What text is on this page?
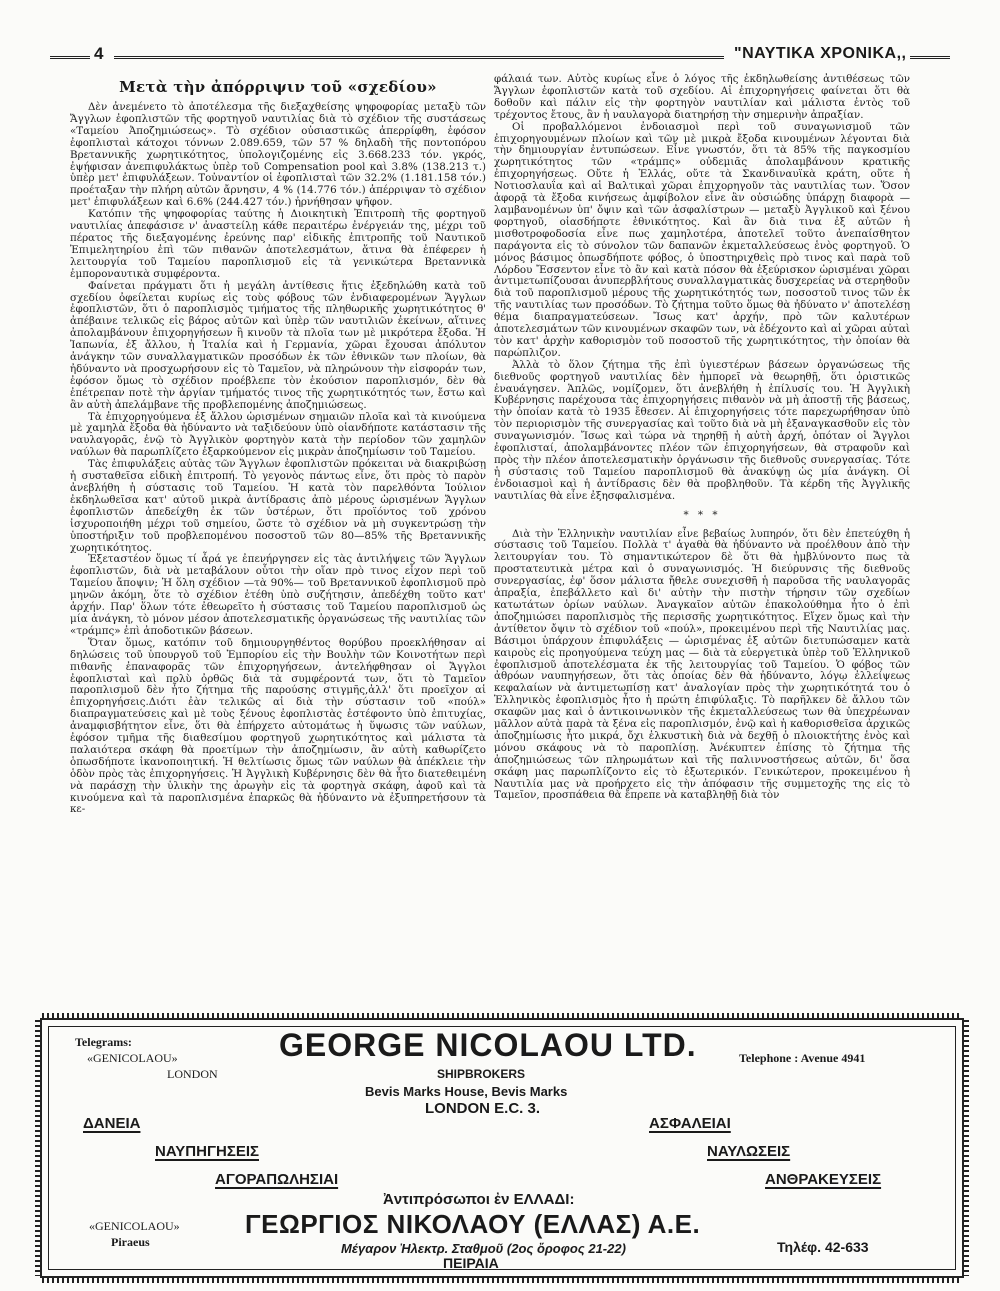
4	"ΝΑΥΤΙΚΑ ΧΡΟΝΙΚΑ,,
Μετὰ τὴν ἀπόρριψιν τοῦ «σχεδίου»

Δὲν ἀνεμένετο τὸ ἀποτέλεσμα τῆς διεξαχθείσης ψηφοφορίας μεταξὺ τῶν Ἄγγλων ἐφοπλιστῶν τῆς φορτηγοῦ ναυτιλίας διὰ τὸ σχέδιον τῆς συστάσεως «Ταμείου Ἀποζημιώσεως». Τὸ σχέδιον οὐσιαστικῶς ἀπερρίφθη, ἐφόσον ἐφοπλισταὶ κάτοχοι τόννων 2.089.659, τῶν 57 % δηλαδὴ τῆς ποντοπόρου Βρεταννικῆς χωρητικότητος, ὑπολογιζομένης εἰς 3.668.233 τόν. γκρός, ἐψήφισαν ἀνεπιφυλάκτως ὑπὲρ τοῦ Compensation pool καὶ 3.8% (138.213 τ.) ὑπὲρ μετ' ἐπιφυλάξεων. Τοὐναντίον οἱ ἐφοπλισταὶ τῶν 32.2% (1.181.158 τόν.) προέταξαν τὴν πλήρη αὐτῶν ἄρνησιν, 4 % (14.776 τόν.) ἀπέρριψαν τὸ σχέδιον μετ' ἐπιφυλάξεων καὶ 6.6% (244.427 τόν.) ἠρνήθησαν ψῆφον.

Κατόπιν τῆς ψηφοφορίας ταύτης ἡ Διοικητικὴ Ἐπιτροπὴ τῆς φορτηγοῦ ναυτιλίας ἀπεφάσισε ν' ἀναστείλῃ κάθε περαιτέρω ἐνέργειάν της, μέχρι τοῦ πέρατος τῆς διεξαγομένης ἐρεύνης παρ' εἰδικῆς ἐπιτροπῆς τοῦ Ναυτικοῦ Ἐπιμελητηρίου ἐπὶ τῶν πιθανῶν ἀποτελεσμάτων, ἅτινα θὰ ἐπέφερεν ἡ λειτουργία τοῦ Ταμείου παροπλισμοῦ εἰς τὰ γενικώτερα Βρεταννικὰ ἐμποροναυτικὰ συμφέροντα.

Φαίνεται πράγματι ὅτι ἡ μεγάλη ἀντίθεσις ἥτις ἐξεδηλώθη κατὰ τοῦ σχεδίου ὀφείλεται κυρίως εἰς τοὺς φόβους τῶν ἐνδιαφερομένων Ἄγγλων ἐφοπλιστῶν, ὅτι ὁ παροπλισμὸς τμήματος τῆς πληθωρικῆς χωρητικότητος θ' ἀπέβαινε τελικῶς εἰς βάρος αὐτῶν καὶ ὑπὲρ τῶν ναυτιλιῶν ἐκείνων, αἵτινες ἀπολαμβάνουν ἐπιχορηγήσεων ἢ κινοῦν τὰ πλοῖα των μὲ μικρότερα ἔξοδα. Ἡ Ἰαπωνία, ἐξ ἄλλου, ἡ Ἰταλία καὶ ἡ Γερμανία, χῶραι ἔχουσαι ἀπόλυτον ἀνάγκην τῶν συναλλαγματικῶν προσόδων ἐκ τῶν ἐθνικῶν των πλοίων, θὰ ἠδύναντο νὰ προσχωρήσουν εἰς τὸ Ταμεῖον, νὰ πληρώνουν τὴν εἰσφοράν των, ἐφόσον ὅμως τὸ σχέδιον προέβλεπε τὸν ἑκούσιον παροπλισμόν, δὲν θὰ ἐπέτρεπαν ποτὲ τὴν ἀργίαν τμήματός τινος τῆς χωρητικότητός των, ἔστω καὶ ἂν αὐτὴ ἀπελάμβανε τῆς προβλεπομένης ἀποζημιώσεως.

Τὰ ἐπιχορηγούμενα ἐξ ἄλλου ὡρισμένων σημαιῶν πλοῖα καὶ τὰ κινούμενα μὲ χαμηλὰ ἔξοδα θὰ ἠδύναντο νὰ ταξιδεύουν ὑπὸ οἱανδήποτε κατάστασιν τῆς ναυλαγορᾶς, ἐνῷ τὸ Ἀγγλικὸν φορτηγὸν κατὰ τὴν περίοδον τῶν χαμηλῶν ναύλων θὰ παρωπλίζετο ἐξαρκούμενον εἰς μικρὰν ἀποζημίωσιν τοῦ Ταμείου.

Τὰς ἐπιφυλάξεις αὐτὰς τῶν Ἄγγλων ἐφοπλιστῶν πρόκειται νὰ διακριβώσῃ ἡ συσταθεῖσα εἰδικὴ ἐπιτροπή. Τὸ γεγονὸς πάντως εἶνε, ὅτι πρὸς τὸ παρὸν ἀνεβλήθη ἡ σύστασις τοῦ Ταμείου. Ἡ κατὰ τὸν παρελθόντα Ἰούλιον ἐκδηλωθεῖσα κατ' αὐτοῦ μικρὰ ἀντίδρασις ἀπὸ μέρους ὡρισμένων Ἄγγλων ἐφοπλιστῶν ἀπεδείχθη ἐκ τῶν ὑστέρων, ὅτι προϊόντος τοῦ χρόνου ἰσχυροποιήθη μέχρι τοῦ σημείου, ὥστε τὸ σχέδιον νὰ μὴ συγκεντρώσῃ τὴν ὑποστήριξιν τοῦ προβλεπομένου ποσοστοῦ τῶν 80—85% τῆς Βρεταννικῆς χωρητικότητος.

Ἐξεταστέον ὅμως τί ἆρά γε ἐπενήργησεν εἰς τὰς ἀντιλήψεις τῶν Ἄγγλων ἐφοπλιστῶν, διὰ νὰ μεταβάλουν οὗτοι τὴν οἵαν πρὸ τινος εἶχον περὶ τοῦ Ταμείου ἄποψιν; Ἡ ὅλη σχέδιον —τὰ 90%— τοῦ Βρεταννικοῦ ἐφοπλισμοῦ πρὸ μηνῶν ἀκόμη, ὅτε τὸ σχέδιον ἐτέθη ὑπὸ συζήτησιν, ἀπεδέχθη τοῦτο κατ' ἀρχήν. Παρ' ὅλων τότε ἐθεωρεῖτο ἡ σύστασις τοῦ Ταμείου παροπλισμοῦ ὡς μία ἀνάγκη, τὸ μόνον μέσον ἀποτελεσματικῆς ὀργανώσεως τῆς ναυτιλίας τῶν «τράμπς» ἐπὶ ἀποδοτικῶν βάσεων.

Ὅταν ὅμως, κατόπιν τοῦ δημιουργηθέντος θορύβου προεκλήθησαν αἱ δηλώσεις τοῦ ὑπουργοῦ τοῦ Ἐμπορίου εἰς τὴν Βουλὴν τῶν Κοινοτήτων περὶ πιθανῆς ἐπαναφορᾶς τῶν ἐπιχορηγήσεων, ἀντελήφθησαν οἱ Ἄγγλοι ἐφοπλισταὶ καὶ πολὺ ὀρθῶς διὰ τὰ συμφέροντά των, ὅτι τὸ Ταμεῖον παροπλισμοῦ δὲν ἦτο ζήτημα τῆς παρούσης στιγμῆς,ἀλλ' ὅτι προεῖχον αἱ ἐπιχορηγήσεις.Διότι ἐὰν τελικῶς αἱ διὰ τὴν σύστασιν τοῦ «πούλ» διαπραγματεύσεις καὶ μὲ τοὺς ξένους ἐφοπλιστὰς ἐστέφοντο ὑπὸ ἐπιτυχίας, ἀναμφισβήτητον εἶνε, ὅτι θὰ ἐπήρχετο αὐτομάτως ἡ ὕψωσις τῶν ναύλων, ἐφόσον τμῆμα τῆς διαθεσίμου φορτηγοῦ χωρητικότητος καὶ μάλιστα τὰ παλαιότερα σκάφη θὰ προετίμων τὴν ἀποζημίωσιν, ἂν αὐτὴ καθωρίζετο ὁπωσδήποτε ἱκανοποιητική. Ἡ θελτίωσις ὅμως τῶν ναύλων θὰ ἀπέκλειε τὴν ὁδὸν πρὸς τὰς ἐπιχορηγήσεις. Ἡ Ἀγγλικὴ Κυβέρνησις δὲν θὰ ἦτο διατεθειμένη νὰ παράσχῃ τὴν ὑλικὴν της ἀρωγὴν εἰς τὰ φορτηγὰ σκάφη, ἀφοῦ καὶ τὰ κινούμενα καὶ τὰ παροπλισμένα ἐπαρκῶς θὰ ἠδύναντο νὰ ἐξυπηρετήσουν τὰ κε-

φάλαιά των. Αὐτὸς κυρίως εἶνε ὁ λόγος τῆς ἐκδηλωθείσης ἀντιθέσεως τῶν Ἄγγλων ἐφοπλιστῶν κατὰ τοῦ σχεδίου. Αἱ ἐπιχορηγήσεις φαίνεται ὅτι θὰ δοθοῦν καὶ πάλιν εἰς τὴν φορτηγὸν ναυτιλίαν καὶ μάλιστα ἐντὸς τοῦ τρέχοντος ἔτους, ἂν ἡ ναυλαγορὰ διατηρήσῃ τὴν σημερινὴν ἀπραξίαν.

Οἱ προβαλλόμενοι ἐνδοιασμοὶ περὶ τοῦ συναγωνισμοῦ τῶν ἐπιχορηγουμένων πλοίων καὶ τῶν μὲ μικρὰ ἔξοδα κινουμένων λέγονται διὰ τὴν δημιουργίαν ἐντυπώσεων. Εἶνε γνωστόν, ὅτι τὰ 85% τῆς παγκοσμίου χωρητικότητος τῶν «τράμπς» οὐδεμιᾶς ἀπολαμβάνουν κρατικῆς ἐπιχορηγήσεως. Οὔτε ἡ Ἑλλάς, οὔτε τὰ Σκανδιναυϊκὰ κράτη, οὔτε ἡ Νοτιοσλαυΐα καὶ αἱ Βαλτικαὶ χῶραι ἐπιχορηγοῦν τὰς ναυτιλίας των. Ὅσον ἀφορᾷ τὰ ἔξοδα κινήσεως ἀμφίβολον εἶνε ἂν οὐσιώδης ὑπάρχῃ διαφορὰ — λαμβανομένων ὑπ' ὄψιν καὶ τῶν ἀσφαλίστρων — μεταξὺ Ἀγγλικοῦ καὶ ξένου φορτηγοῦ, οἱασδήποτε ἐθνικότητος. Καὶ ἂν διὰ τινα ἐξ αὐτῶν ἡ μισθοτροφοδοσία εἶνε πως χαμηλοτέρα, ἀποτελεῖ τοῦτο ἀνεπαίσθητον παράγοντα εἰς τὸ σύνολον τῶν δαπανῶν ἐκμεταλλεύσεως ἑνὸς φορτηγοῦ. Ὁ μόνος βάσιμος ὁπωσδήποτε φόβος, ὁ ὑποστηριχθεὶς πρὸ τινος καὶ παρὰ τοῦ Λόρδου Ἔσσεντον εἶνε τὸ ἂν καὶ κατὰ πόσον θὰ ἐξεύρισκον ὡρισμέναι χῶραι ἀντιμετωπίζουσαι ἀνυπερβλήτους συναλλαγματικὰς δυσχερείας νὰ στερηθοῦν διὰ τοῦ παροπλισμοῦ μέρους τῆς χωρητικότητός των, ποσοστοῦ τινος τῶν ἐκ τῆς ναυτιλίας των προσόδων. Τὸ ζήτημα τοῦτο ὅμως θὰ ἠδύνατο ν' ἀποτελέσῃ θέμα διαπραγματεύσεων. Ἴσως κατ' ἀρχήν, πρὸ τῶν καλυτέρων ἀποτελεσμάτων τῶν κινουμένων σκαφῶν των, νὰ ἐδέχοντο καὶ αἱ χῶραι αὐταὶ τὸν κατ' ἀρχὴν καθορισμὸν τοῦ ποσοστοῦ τῆς χωρητικότητος, τὴν ὁποίαν θὰ παρώπλιζον.

Ἀλλὰ τὸ ὅλον ζήτημα τῆς ἐπὶ ὑγιεστέρων βάσεων ὀργανώσεως τῆς διεθνοῦς φορτηγοῦ ναυτιλίας δὲν ἠμπορεῖ νὰ θεωρηθῇ, ὅτι ὁριστικῶς ἐναυάγησεν. Ἁπλῶς, νομίζομεν, ὅτι ἀνεβλήθη ἡ ἐπίλυσίς του. Ἡ Ἀγγλικὴ Κυβέρνησις παρέχουσα τὰς ἐπιχορηγήσεις πιθανὸν νὰ μὴ ἀποστῇ τῆς βάσεως, τὴν ὁποίαν κατὰ τὸ 1935 ἔθεσεν. Αἱ ἐπιχορηγήσεις τότε παρεχωρήθησαν ὑπὸ τὸν περιορισμὸν τῆς συνεργασίας καὶ τοῦτο διὰ νὰ μὴ ἐξαναγκασθοῦν εἰς τὸν συναγωνισμόν. Ἴσως καὶ τώρα νὰ τηρηθῇ ἡ αὐτὴ ἀρχή, ὁπόταν οἱ Ἄγγλοι ἐφοπλισταί, ἀπολαμβάνοντες πλέον τῶν ἐπιχορηγήσεων, θὰ στραφοῦν καὶ πρὸς τὴν πλέον ἀποτελεσματικὴν ὀργάνωσιν τῆς διεθνοῦς συνεργασίας. Τότε ἡ σύστασις τοῦ Ταμείου παροπλισμοῦ θὰ ἀνακύψῃ ὡς μία ἀνάγκη. Οἱ ἐνδοιασμοὶ καὶ ἡ ἀντίδρασις δὲν θὰ προβληθοῦν. Τὰ κέρδη τῆς Ἀγγλικῆς ναυτιλίας θὰ εἶνε ἐξησφαλισμένα.

* * *

Διὰ τὴν Ἑλληνικὴν ναυτιλίαν εἶνε βεβαίως λυπηρόν, ὅτι δὲν ἐπετεύχθη ἡ σύστασις τοῦ Ταμείου. Πολλὰ τ' ἀγαθὰ θὰ ἠδύναντο νὰ προέλθουν ἀπὸ τὴν λειτουργίαν του. Τὸ σημαντικώτερον δὲ ὅτι θὰ ἠμβλύνοντο πως τὰ προστατευτικὰ μέτρα καὶ ὁ συναγωνισμός. Ἡ διεύρυνσις τῆς διεθνοῦς συνεργασίας, ἐφ' ὅσον μάλιστα ἤθελε συνεχισθῆ ἡ παροῦσα τῆς ναυλαγορᾶς ἀπραξία, ἐπεβάλλετο καὶ δι' αὐτὴν τὴν πιστὴν τήρησιν τῶν σχεδίων κατωτάτων ὁρίων ναύλων. Ἀναγκαῖον αὐτῶν ἐπακολούθημα ἦτο ὁ ἐπὶ ἀποζημιώσει παροπλισμὸς τῆς περισσῆς χωρητικότητος. Εἴχεν ὅμως καὶ τὴν ἀντίθετον ὄψιν τὸ σχέδιον τοῦ «πούλ», προκειμένου περὶ τῆς Ναυτιλίας μας. Βάσιμοι ὑπάρχουν ἐπιφυλάξεις — ὡρισμένας ἐξ αὐτῶν διετυπώσαμεν κατὰ καιροὺς εἰς προηγούμενα τεύχη μας — διὰ τὰ εὐεργετικὰ ὑπὲρ τοῦ Ἑλληνικοῦ ἐφοπλισμοῦ ἀποτελέσματα ἐκ τῆς λειτουργίας τοῦ Ταμείου. Ὁ φόβος τῶν ἀθρόων ναυπηγήσεων, ὅτι τὰς ὁποίας δὲν θὰ ἠδύναντο, λόγῳ ἐλλείψεως κεφαλαίων νὰ ἀντιμετωπίσῃ κατ' ἀναλογίαν πρὸς τὴν χωρητικότητά του ὁ Ἑλληνικὸς ἐφοπλισμὸς ἦτο ἡ πρώτη ἐπιφύλαξις. Τὸ παρῆλκεν δὲ ἄλλου τῶν σκαφῶν μας καὶ ὁ ἀντικοινωνικὸν τῆς ἐκμεταλλεύσεως των θὰ ὑπεχρέωναν μᾶλλον αὐτὰ παρὰ τὰ ξένα εἰς παροπλισμόν, ἐνῷ καὶ ἡ καθορισθεῖσα ἀρχικῶς ἀποζημίωσις ἦτο μικρά, ὄχι ἑλκυστικὴ διὰ νὰ δεχθῇ ὁ πλοιοκτήτης ἑνὸς καὶ μόνου σκάφους νὰ τὸ παροπλίσῃ. Ἀνέκυπτεν ἐπίσης τὸ ζήτημα τῆς ἀποζημιώσεως τῶν πληρωμάτων καὶ τῆς παλιννοστήσεως αὐτῶν, δι' ὅσα σκάφη μας παρωπλίζοντο εἰς τὸ ἐξωτερικόν. Γενικώτερον, προκειμένου ἡ Ναυτιλία μας νὰ προήρχετο εἰς τὴν ἀπόφασιν τῆς συμμετοχῆς της εἰς τὸ Ταμεῖον, προσπάθεια θὰ ἔπρεπε νὰ καταβληθῇ διὰ τὸν

Telegrams:
«GENICOLAOU»
LONDON
GEORGE NICOLAOU LTD.
SHIPBROKERS
Bevis Marks House, Bevis Marks
LONDON E.C. 3.
Telephone : Avenue 4941
ΔΑΝΕΙΑ	ΑΣΦΑΛΕΙΑΙ
ΝΑΥΠΗΓΗΣΕΙΣ	ΝΑΥΛΩΣΕΙΣ
ΑΓΟΡΑΠΩΛΗΣΙΑΙ	ΑΝΘΡΑΚΕΥΣΕΙΣ
Ἀντιπρόσωποι ἐν ΕΛΛΑΔΙ:
«GENICOLAOU»
Piraeus
ΓΕΩΡΓΙΟΣ ΝΙΚΟΛΑΟΥ (ΕΛΛΑΣ) Α.Ε.
Μέγαρον Ἠλεκτρ. Σταθμοῦ (2ος ὄροφος 21-22)
ΠΕΙΡΑΙΑ
Τηλέφ. 42-633
